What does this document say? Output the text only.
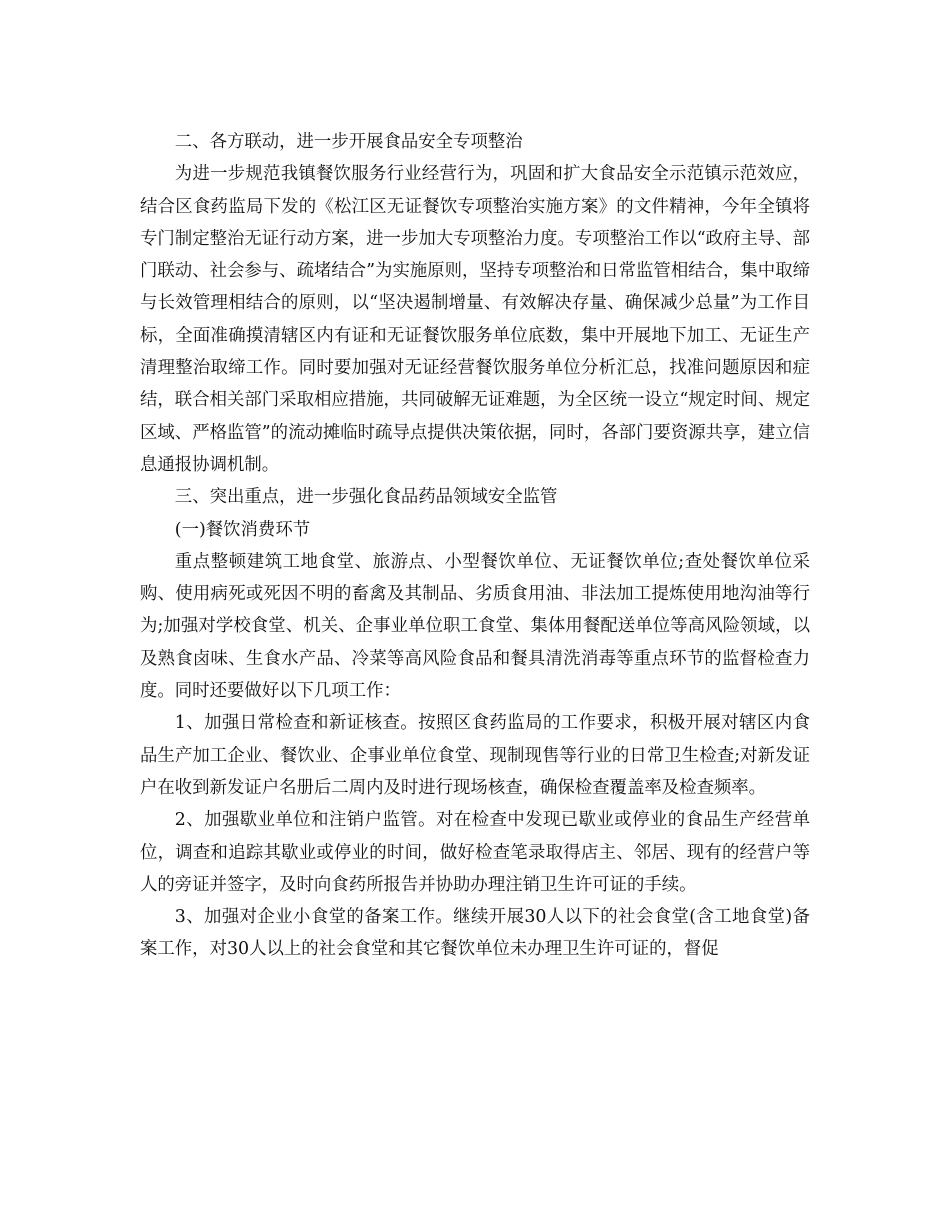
二、各方联动，进一步开展食品安全专项整治

为进一步规范我镇餐饮服务行业经营行为，巩固和扩大食品安全示范镇示范效应，结合区食药监局下发的《松江区无证餐饮专项整治实施方案》的文件精神，今年全镇将专门制定整治无证行动方案，进一步加大专项整治力度。专项整治工作以“政府主导、部门联动、社会参与、疏堵结合”为实施原则，坚持专项整治和日常监管相结合，集中取缔与长效管理相结合的原则，以“坚决遏制增量、有效解决存量、确保减少总量”为工作目标，全面准确摸清辖区内有证和无证餐饮服务单位底数，集中开展地下加工、无证生产清理整治取缔工作。同时要加强对无证经营餐饮服务单位分析汇总，找准问题原因和症结，联合相关部门采取相应措施，共同破解无证难题，为全区统一设立“规定时间、规定区域、严格监管”的流动摊临时疏导点提供决策依据，同时，各部门要资源共享，建立信息通报协调机制。

三、突出重点，进一步强化食品药品领域安全监管

(一)餐饮消费环节

重点整顿建筑工地食堂、旅游点、小型餐饮单位、无证餐饮单位;查处餐饮单位采购、使用病死或死因不明的畜禽及其制品、劣质食用油、非法加工提炼使用地沟油等行为;加强对学校食堂、机关、企事业单位职工食堂、集体用餐配送单位等高风险领域，以及熟食卤味、生食水产品、冷菜等高风险食品和餐具清洗消毒等重点环节的监督检查力度。同时还要做好以下几项工作：

1、加强日常检查和新证核查。按照区食药监局的工作要求，积极开展对辖区内食品生产加工企业、餐饮业、企事业单位食堂、现制现售等行业的日常卫生检查;对新发证户在收到新发证户名册后二周内及时进行现场核查，确保检查覆盖率及检查频率。

2、加强歇业单位和注销户监管。对在检查中发现已歇业或停业的食品生产经营单位，调查和追踪其歇业或停业的时间，做好检查笔录取得店主、邻居、现有的经营户等人的旁证并签字，及时向食药所报告并协助办理注销卫生许可证的手续。

3、加强对企业小食堂的备案工作。继续开展30人以下的社会食堂(含工地食堂)备案工作，对30人以上的社会食堂和其它餐饮单位未办理卫生许可证的，督促
